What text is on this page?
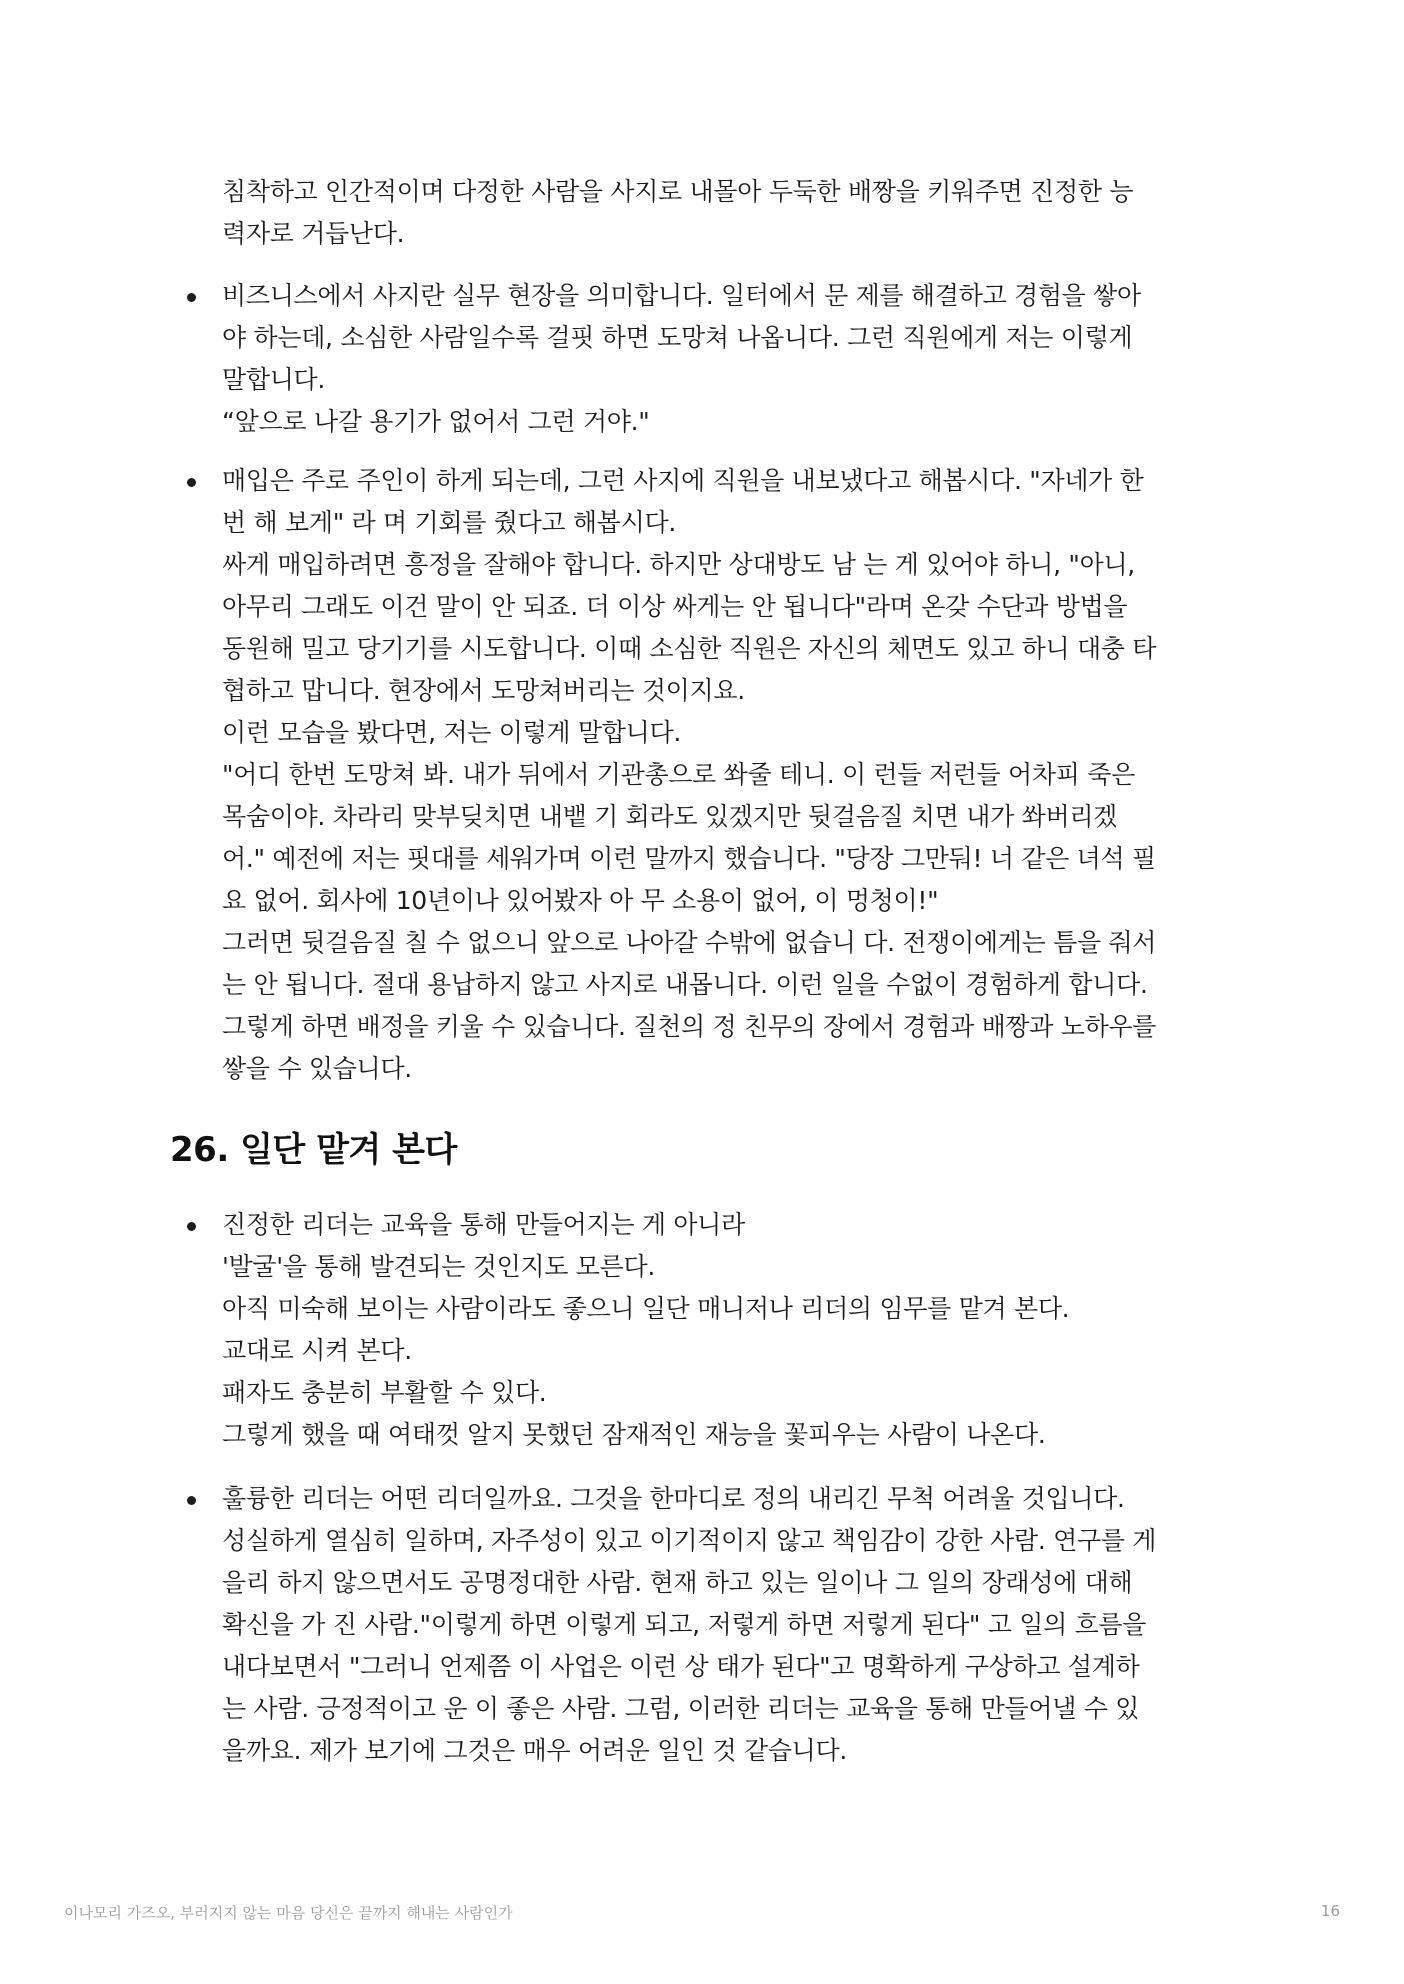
침착하고 인간적이며 다정한 사람을 사지로 내몰아 두둑한 배짱을 키워주면 진정한 능
력자로 거듭난다.
비즈니스에서 사지란 실무 현장을 의미합니다. 일터에서 문 제를 해결하고 경험을 쌓아
야 하는데, 소심한 사람일수록 걸핏 하면 도망쳐 나옵니다. 그런 직원에게 저는 이렇게
말합니다.
“앞으로 나갈 용기가 없어서 그런 거야."
매입은 주로 주인이 하게 되는데, 그런 사지에 직원을 내보냈다고 해봅시다. "자네가 한
번 해 보게" 라 며 기회를 줬다고 해봅시다.
싸게 매입하려면 흥정을 잘해야 합니다. 하지만 상대방도 남 는 게 있어야 하니, "아니,
아무리 그래도 이건 말이 안 되죠. 더 이상 싸게는 안 됩니다"라며 온갖 수단과 방법을
동원해 밀고 당기기를 시도합니다. 이때 소심한 직원은 자신의 체면도 있고 하니 대충 타
협하고 맙니다. 현장에서 도망쳐버리는 것이지요.
이런 모습을 봤다면, 저는 이렇게 말합니다.
"어디 한번 도망쳐 봐. 내가 뒤에서 기관총으로 쏴줄 테니. 이 런들 저런들 어차피 죽은
목숨이야. 차라리 맞부딪치면 내뱉 기 회라도 있겠지만 뒷걸음질 치면 내가 쏴버리겠
어." 예전에 저는 핏대를 세워가며 이런 말까지 했습니다. "당장 그만둬! 너 같은 녀석 필
요 없어. 회사에 10년이나 있어봤자 아 무 소용이 없어, 이 멍청이!"
그러면 뒷걸음질 칠 수 없으니 앞으로 나아갈 수밖에 없습니 다. 전쟁이에게는 틈을 줘서
는 안 됩니다. 절대 용납하지 않고 사지로 내몹니다. 이런 일을 수없이 경험하게 합니다.
그렇게 하면 배정을 키울 수 있습니다. 질천의 정 친무의 장에서 경험과 배짱과 노하우를
쌓을 수 있습니다.
26. 일단 맡겨 본다
진정한 리더는 교육을 통해 만들어지는 게 아니라
'발굴'을 통해 발견되는 것인지도 모른다.
아직 미숙해 보이는 사람이라도 좋으니 일단 매니저나 리더의 임무를 맡겨 본다.
교대로 시켜 본다.
패자도 충분히 부활할 수 있다.
그렇게 했을 때 여태껏 알지 못했던 잠재적인 재능을 꽃피우는 사람이 나온다.
훌륭한 리더는 어떤 리더일까요. 그것을 한마디로 정의 내리긴 무척 어려울 것입니다.
성실하게 열심히 일하며, 자주성이 있고 이기적이지 않고 책임감이 강한 사람. 연구를 게
을리 하지 않으면서도 공명정대한 사람. 현재 하고 있는 일이나 그 일의 장래성에 대해
확신을 가 진 사람."이렇게 하면 이렇게 되고, 저렇게 하면 저렇게 된다" 고 일의 흐름을
내다보면서 "그러니 언제쯤 이 사업은 이런 상 태가 된다"고 명확하게 구상하고 설계하
는 사람. 긍정적이고 운 이 좋은 사람. 그럼, 이러한 리더는 교육을 통해 만들어낼 수 있
을까요. 제가 보기에 그것은 매우 어려운 일인 것 같습니다.
이나모리 가즈오, 부러지지 않는 마음 당신은 끝까지 해내는 사람인가	16
